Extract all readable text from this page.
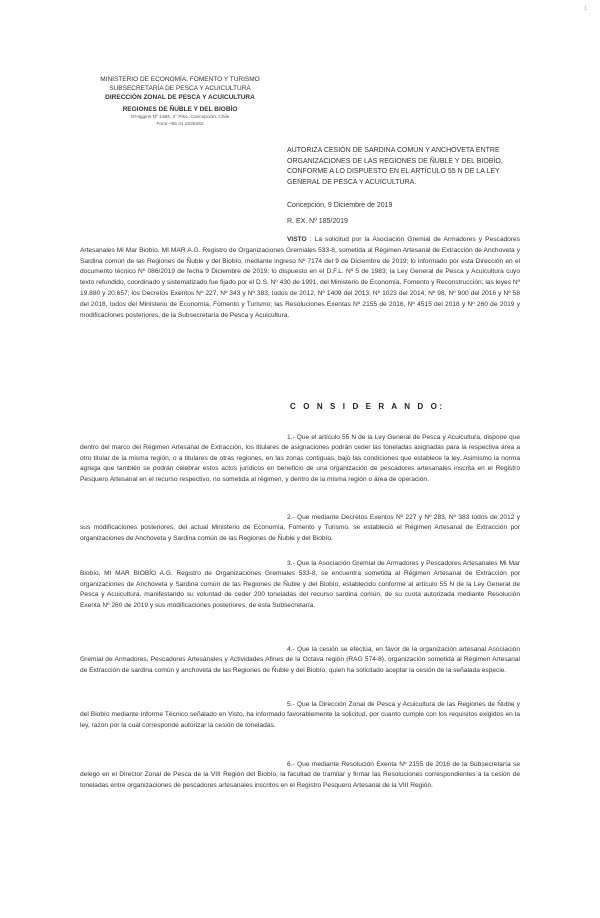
1
MINISTERIO DE ECONOMÍA, FOMENTO Y TURISMO
SUBSECRETARÍA DE PESCA Y ACUICULTURA
DIRECCIÓN ZONAL DE PESCA Y ACUICULTURA
REGIONES DE ÑUBLE Y DEL BIOBÍO
O'Higgins Nº 1384, 4° Piso, Concepción, Chile
Fono +56 41 2226262
AUTORIZA CESIÓN DE SARDINA COMÚN Y ANCHOVETA ENTRE ORGANIZACIONES DE LAS REGIONES DE ÑUBLE Y DEL BIOBÍO, CONFORME A LO DISPUESTO EN EL ARTÍCULO 55 N DE LA LEY GENERAL DE PESCA Y ACUICULTURA.
Concepción, 9 Diciembre de 2019
R. EX. Nº 185/2019
VISTO : La solicitud por la Asociación Gremial de Armadores y Pescadores Artesanales Mi Mar Biobío, MI MAR A.G. Registro de Organizaciones Gremiales 533-8, sometida al Régimen Artesanal de Extracción de Anchoveta y Sardina común de las Regiones de Ñuble y del Biobío, mediante ingreso Nº 7174 del 9 de Diciembre de 2019; lo informado por esta Dirección en el documento técnico Nº 086/2019 de fecha 9 Diciembre de 2019; lo dispuesto en el D.F.L. Nº 5 de 1983; la Ley General de Pesca y Acuicultura cuyo texto refundido, coordinado y sistematizado fue fijado por el D.S. Nº 430 de 1991, del Ministerio de Economía, Fomento y Reconstrucción; las leyes Nº 19.880 y 20.657; los Decretos Exentos Nº 227, Nº 343 y Nº 383, todos de 2012, Nº 1409 del 2013, Nº 1023 del 2014, Nº 98, Nº 900 del 2016 y Nº 58 del 2018, todos del Ministerio de Economía, Fomento y Turismo; las Resoluciones Exentas Nº 2155 de 2016, Nº 4515 del 2018 y Nº 260 de 2019 y modificaciones posteriores, de la Subsecretaría de Pesca y Acuicultura.
C O N S I D E R A N D O:
1.- Que el artículo 55 N de la Ley General de Pesca y Acuicultura, dispone que dentro del marco del Régimen Artesanal de Extracción, los titulares de asignaciones podrán ceder las toneladas asignadas para la respectiva área a otro titular de la misma región, o a titulares de otras regiones, en las zonas contiguas, bajo las condiciones que establece la ley. Asimismo la norma agrega que también se podrán celebrar estos actos jurídicos en beneficio de una organización de pescadores artesanales inscrita en el Registro Pesquero Artesanal en el recurso respectivo, no sometida al régimen, y dentro de la misma región o área de operación.
2.- Que mediante Decretos Exentos Nº 227 y Nº 283, Nº 383 todos de 2012 y sus modificaciones posteriores, del actual Ministerio de Economía, Fomento y Turismo, se estableció el Régimen Artesanal de Extracción por organizaciones de Anchoveta y Sardina común de las Regiones de Ñuble y del Biobío.
3.- Que la Asociación Gremial de Armadores y Pescadores Artesanales Mi Mar Biobío, MI MAR BIOBÍO A.G. Registro de Organizaciones Gremiales 533-8, se encuentra sometida al Régimen Artesanal de Extracción por organizaciones de Anchoveta y Sardina común de las Regiones de Ñuble y del Biobío, establecido conforme al artículo 55 N de la Ley General de Pesca y Acuicultura, manifestando su voluntad de ceder 200 toneladas del recurso sardina común, de su cuota autorizada mediante Resolución Exenta Nº 260 de 2019 y sus modificaciones posteriores, de esta Subsecretaría.
4.- Que la cesión se efectúa, en favor de la organización artesanal Asociación Gremial de Armadores, Pescadores Artesanales y Actividades Afines de la Octava región (RAG 574-8), organización sometida al Régimen Artesanal de Extracción de sardina común y anchoveta de las Regiones de Ñuble y del Biobío, quien ha solicitado aceptar la cesión de la señalada especie.
5.- Que la Dirección Zonal de Pesca y Acuicultura de las Regiones de Ñuble y del Biobío mediante Informe Técnico señalado en Visto, ha informado favorablemente la solicitud, por cuanto cumple con los requisitos exigidos en la ley, razón por la cual corresponde autorizar la cesión de toneladas.
6.- Que mediante Resolución Exenta Nº 2155 de 2016 de la Subsecretaría se delegó en el Director Zonal de Pesca de la VIII Región del Biobío, la facultad de tramitar y firmar las Resoluciones correspondientes a la cesión de toneladas entre organizaciones de pescadores artesanales inscritos en el Registro Pesquero Artesanal de la VIII Región.
